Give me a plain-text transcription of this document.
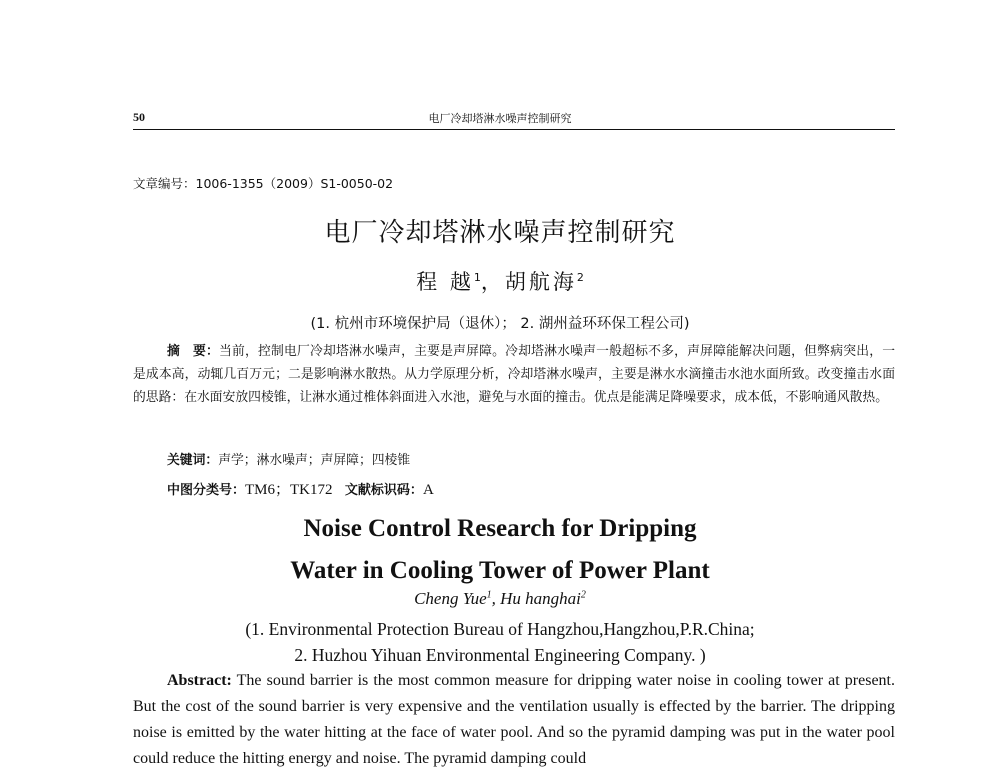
50	电厂冷却塔淋水噪声控制研究
文章编号：1006-1355（2009）S1-0050-02
电厂冷却塔淋水噪声控制研究
程 越$^1$，胡航海$^2$
(1. 杭州市环境保护局（退休）； 2. 湖州益环环保工程公司)
摘　要：当前，控制电厂冷却塔淋水噪声，主要是声屏障。冷却塔淋水噪声一般超标不多，声屏障能解决问题，但弊病突出，一是成本高，动辄几百万元；二是影响淋水散热。从力学原理分析，冷却塔淋水噪声，主要是淋水水滴撞击水池水面所致。改变撞击水面的思路：在水面安放四棱锥，让淋水通过椎体斜面进入水池，避免与水面的撞击。优点是能满足降噪要求，成本低，不影响通风散热。
关键词：声学；淋水噪声；声屏障；四棱锥
中图分类号：TM6；TK172 文献标识码：A
Noise Control Research for Dripping
Water in Cooling Tower of Power Plant
Cheng Yue$^1$, Hu hanghai$^2$
(1. Environmental Protection Bureau of Hangzhou,Hangzhou,P.R.China;
2. Huzhou Yihuan Environmental Engineering Company. )
Abstract: The sound barrier is the most common measure for dripping water noise in cooling tower at present. But the cost of the sound barrier is very expensive and the ventilation usually is effected by the barrier. The dripping noise is emitted by the water hitting at the face of water pool. And so the pyramid damping was put in the water pool could reduce the hitting energy and noise. The pyramid damping could
